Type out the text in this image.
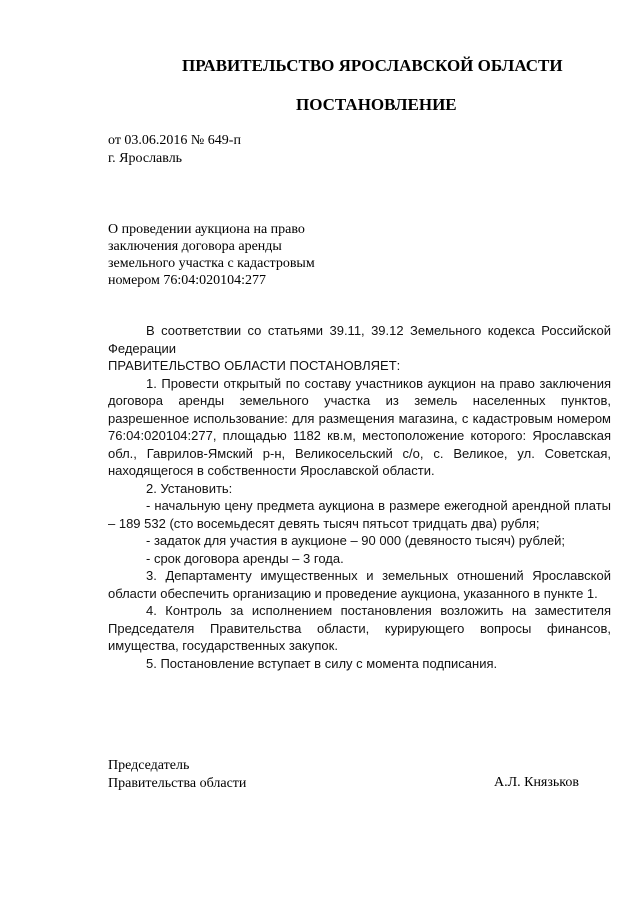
ПРАВИТЕЛЬСТВО ЯРОСЛАВСКОЙ ОБЛАСТИ
ПОСТАНОВЛЕНИЕ
от 03.06.2016 № 649-п
г. Ярославль
О проведении аукциона на право
заключения договора аренды
земельного участка с кадастровым
номером 76:04:020104:277

В соответствии со статьями 39.11, 39.12 Земельного кодекса Российской Федерации

ПРАВИТЕЛЬСТВО ОБЛАСТИ ПОСТАНОВЛЯЕТ:

1. Провести открытый по составу участников аукцион на право заключения договора аренды земельного участка из земель населенных пунктов, разрешенное использование: для размещения магазина, с кадастровым номером 76:04:020104:277, площадью 1182 кв.м, местоположение которого: Ярославская обл., Гаврилов-Ямский р-н, Великосельский с/о, с. Великое, ул. Советская, находящегося в собственности Ярославской области.

2. Установить:

- начальную цену предмета аукциона в размере ежегодной арендной платы – 189 532 (сто восемьдесят девять тысяч пятьсот тридцать два) рубля;

- задаток для участия в аукционе – 90 000 (девяносто тысяч) рублей;

- срок договора аренды – 3 года.

3. Департаменту имущественных и земельных отношений Ярославской области обеспечить организацию и проведение аукциона, указанного в пункте 1.

4. Контроль за исполнением постановления возложить на заместителя Председателя Правительства области, курирующего вопросы финансов, имущества, государственных закупок.

5. Постановление вступает в силу с момента подписания.

Председатель
Правительства области	А.Л. Князьков
